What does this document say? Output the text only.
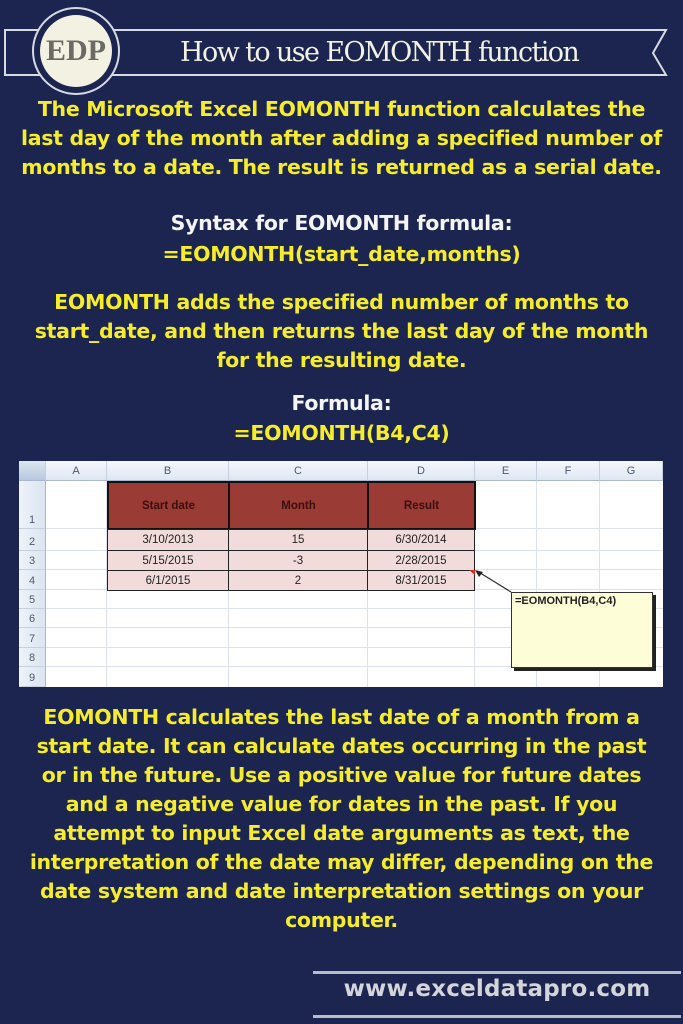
EDP	How to use EOMONTH function
The Microsoft Excel EOMONTH function calculates the
last day of the month after adding a specified number of
months to a date. The result is returned as a serial date.
Syntax for EOMONTH formula:
=EOMONTH(start_date,months)
EOMONTH adds the specified number of months to
start_date, and then returns the last day of the month
for the resulting date.
Formula:
=EOMONTH(B4,C4)
A	B	C	D	E	F	G
1
2
3
4
5
6
7
8
9
Start date	Month	Result
3/10/2013	15	6/30/2014
5/15/2015	-3	2/28/2015
6/1/2015	2	8/31/2015
=EOMONTH(B4,C4)
EOMONTH calculates the last date of a month from a
start date. It can calculate dates occurring in the past
or in the future. Use a positive value for future dates
and a negative value for dates in the past. If you
attempt to input Excel date arguments as text, the
interpretation of the date may differ, depending on the
date system and date interpretation settings on your
computer.
www.exceldatapro.com
